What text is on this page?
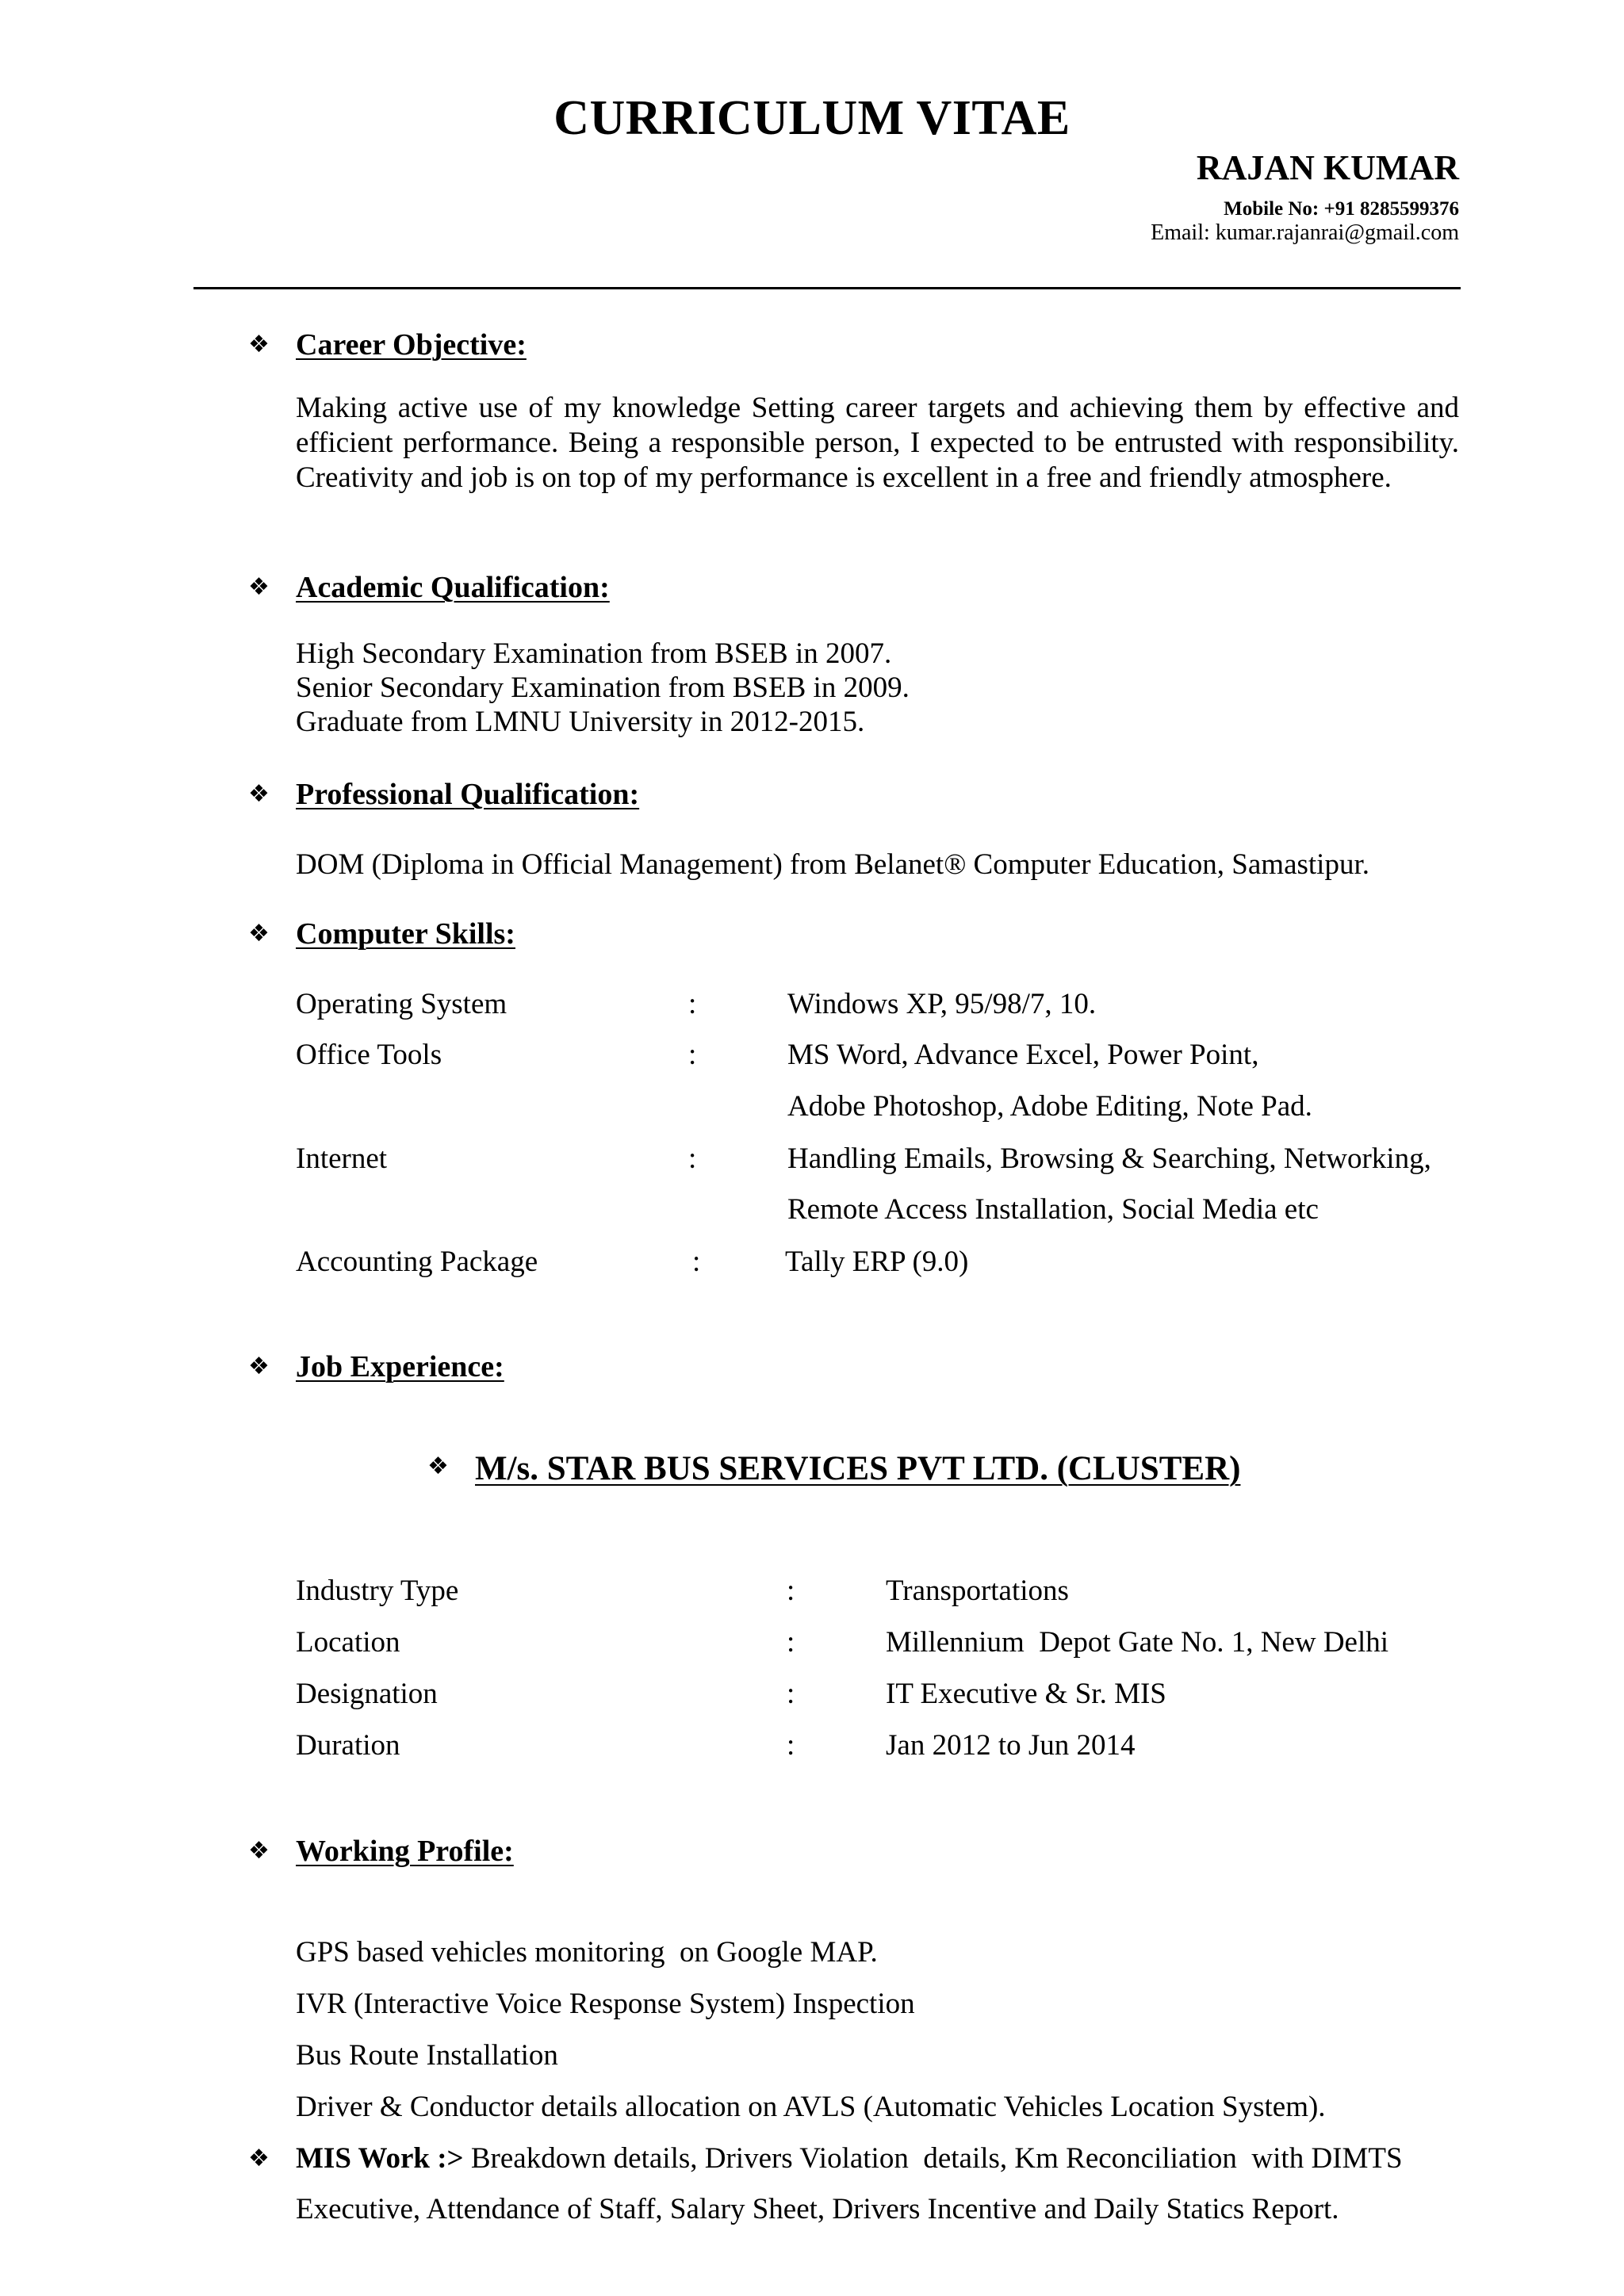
CURRICULUM VITAE
RAJAN KUMAR
Mobile No: +91 8285599376
Email: kumar.rajanrai@gmail.com
❖ Career Objective:
Making active use of my knowledge Setting career targets and achieving them by effective and efficient performance. Being a responsible person, I expected to be entrusted with responsibility. Creativity and job is on top of my performance is excellent in a free and friendly atmosphere.
❖ Academic Qualification:
High Secondary Examination from BSEB in 2007.
Senior Secondary Examination from BSEB in 2009.
Graduate from LMNU University in 2012-2015.
❖ Professional Qualification:
DOM (Diploma in Official Management) from Belanet® Computer Education, Samastipur.
❖ Computer Skills:
Operating System	:	Windows XP, 95/98/7, 10.
Office Tools	:	MS Word, Advance Excel, Power Point,
Adobe Photoshop, Adobe Editing, Note Pad.
Internet	:	Handling Emails, Browsing & Searching, Networking,
Remote Access Installation, Social Media etc
Accounting Package	:	Tally ERP (9.0)
❖ Job Experience:
❖ M/s. STAR BUS SERVICES PVT LTD. (CLUSTER)
Industry Type	:	Transportations
Location	:	Millennium  Depot Gate No. 1, New Delhi
Designation	:	IT Executive & Sr. MIS
Duration	:	Jan 2012 to Jun 2014
❖ Working Profile:
GPS based vehicles monitoring  on Google MAP.
IVR (Interactive Voice Response System) Inspection
Bus Route Installation
Driver & Conductor details allocation on AVLS (Automatic Vehicles Location System).
❖ MIS Work :> Breakdown details, Drivers Violation  details, Km Reconciliation  with DIMTS
Executive, Attendance of Staff, Salary Sheet, Drivers Incentive and Daily Statics Report.
